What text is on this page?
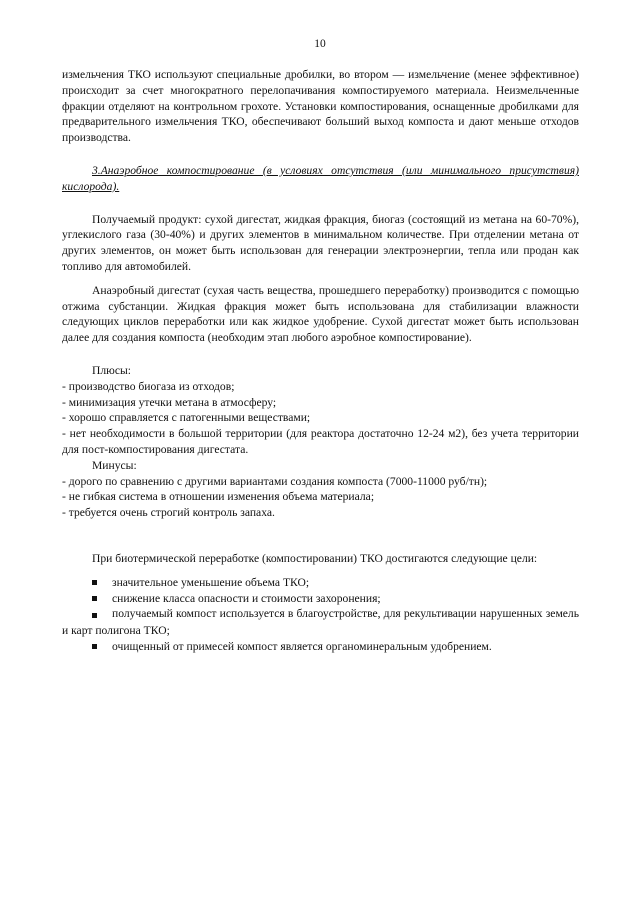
10

измельчения ТКО используют специальные дробилки, во втором — измельчение (менее эффективное) происходит за счет многократного перелопачивания компостируемого материала. Неизмельченные фракции отделяют на контрольном грохоте. Установки компостирования, оснащенные дробилками для предварительного измельчения ТКО, обеспечивают больший выход компоста и дают меньше отходов производства.

3.Анаэробное компостирование (в условиях отсутствия (или минимального присутствия) кислорода).

Получаемый продукт: сухой дигестат, жидкая фракция, биогаз (состоящий из метана на 60-70%), углекислого газа (30-40%) и других элементов в минимальном количестве. При отделении метана от других элементов, он может быть использован для генерации электроэнергии, тепла или продан как топливо для автомобилей.

Анаэробный дигестат (сухая часть вещества, прошедшего переработку) производится с помощью отжима субстанции. Жидкая фракция может быть использована для стабилизации влажности следующих циклов переработки или как жидкое удобрение. Сухой дигестат может быть использован далее для создания компоста (необходим этап любого аэробное компостирование).

Плюсы:

- производство биогаза из отходов;

- минимизация утечки метана в атмосферу;

- хорошо справляется с патогенными веществами;

- нет необходимости в большой территории (для реактора достаточно 12-24 м2), без учета территории для пост-компостирования дигестата.

Минусы:

- дорого по сравнению с другими вариантами создания компоста (7000-11000 руб/тн);

- не гибкая система в отношении изменения объема материала;

- требуется очень строгий контроль запаха.

При биотермической переработке (компостировании) ТКО достигаются следующие цели:

значительное уменьшение объема ТКО;

снижение класса опасности и стоимости захоронения;

получаемый компост используется в благоустройстве, для рекультивации нарушенных земель и карт полигона ТКО;

очищенный от примесей компост является органоминеральным удобрением.
